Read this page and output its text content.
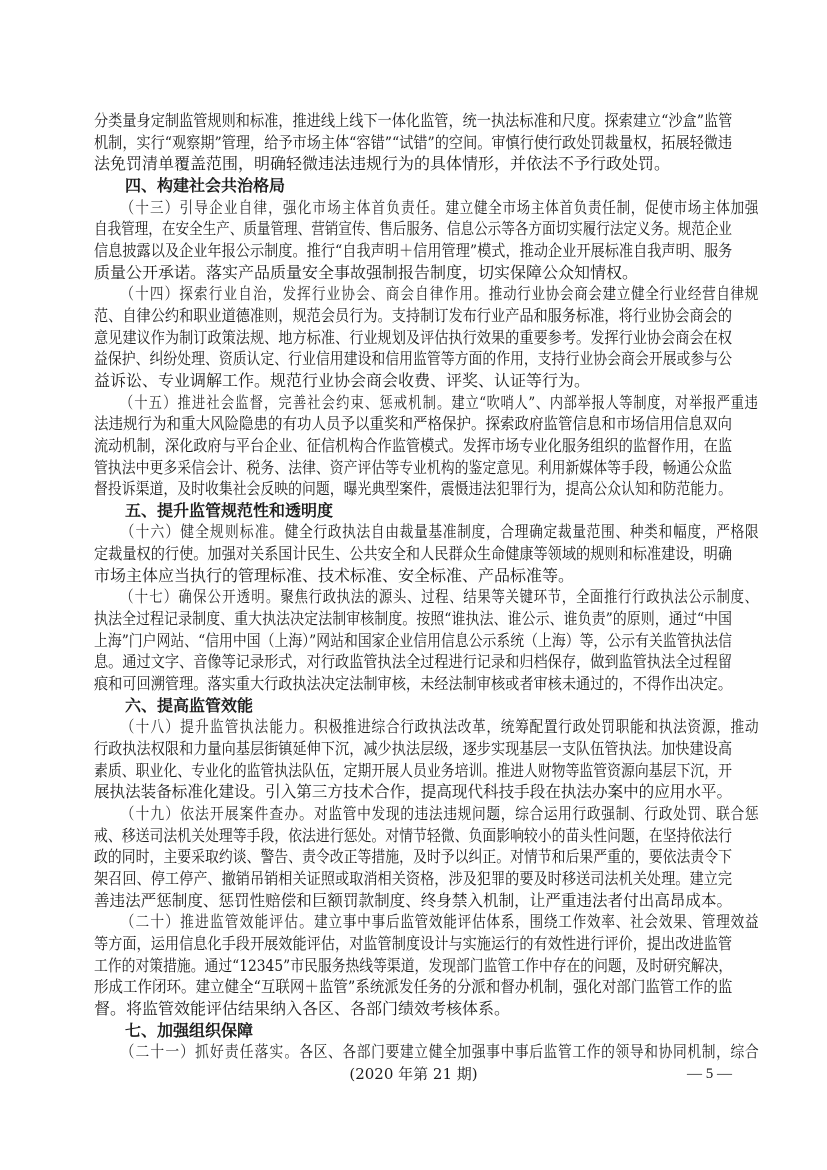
分类量身定制监管规则和标准，推进线上线下一体化监管，统一执法标准和尺度。探索建立“沙盒”监管
机制，实行“观察期”管理，给予市场主体“容错”“试错”的空间。审慎行使行政处罚裁量权，拓展轻微违
法免罚清单覆盖范围，明确轻微违法违规行为的具体情形，并依法不予行政处罚。
四、构建社会共治格局
（十三）引导企业自律，强化市场主体首负责任。建立健全市场主体首负责任制，促使市场主体加强
自我管理，在安全生产、质量管理、营销宣传、售后服务、信息公示等各方面切实履行法定义务。规范企业
信息披露以及企业年报公示制度。推行“自我声明＋信用管理”模式，推动企业开展标准自我声明、服务
质量公开承诺。落实产品质量安全事故强制报告制度，切实保障公众知情权。
（十四）探索行业自治，发挥行业协会、商会自律作用。推动行业协会商会建立健全行业经营自律规
范、自律公约和职业道德准则，规范会员行为。支持制订发布行业产品和服务标准，将行业协会商会的
意见建议作为制订政策法规、地方标准、行业规划及评估执行效果的重要参考。发挥行业协会商会在权
益保护、纠纷处理、资质认定、行业信用建设和信用监管等方面的作用，支持行业协会商会开展或参与公
益诉讼、专业调解工作。规范行业协会商会收费、评奖、认证等行为。
（十五）推进社会监督，完善社会约束、惩戒机制。建立“吹哨人”、内部举报人等制度，对举报严重违
法违规行为和重大风险隐患的有功人员予以重奖和严格保护。探索政府监管信息和市场信用信息双向
流动机制，深化政府与平台企业、征信机构合作监管模式。发挥市场专业化服务组织的监督作用，在监
管执法中更多采信会计、税务、法律、资产评估等专业机构的鉴定意见。利用新媒体等手段，畅通公众监
督投诉渠道，及时收集社会反映的问题，曝光典型案件，震慑违法犯罪行为，提高公众认知和防范能力。
五、提升监管规范性和透明度
（十六）健全规则标准。健全行政执法自由裁量基准制度，合理确定裁量范围、种类和幅度，严格限
定裁量权的行使。加强对关系国计民生、公共安全和人民群众生命健康等领域的规则和标准建设，明确
市场主体应当执行的管理标准、技术标准、安全标准、产品标准等。
（十七）确保公开透明。聚焦行政执法的源头、过程、结果等关键环节，全面推行行政执法公示制度、
执法全过程记录制度、重大执法决定法制审核制度。按照“谁执法、谁公示、谁负责”的原则，通过“中国
上海”门户网站、“信用中国（上海）”网站和国家企业信用信息公示系统（上海）等，公示有关监管执法信
息。通过文字、音像等记录形式，对行政监管执法全过程进行记录和归档保存，做到监管执法全过程留
痕和可回溯管理。落实重大行政执法决定法制审核，未经法制审核或者审核未通过的，不得作出决定。
六、提高监管效能
（十八）提升监管执法能力。积极推进综合行政执法改革，统筹配置行政处罚职能和执法资源，推动
行政执法权限和力量向基层街镇延伸下沉，减少执法层级，逐步实现基层一支队伍管执法。加快建设高
素质、职业化、专业化的监管执法队伍，定期开展人员业务培训。推进人财物等监管资源向基层下沉，开
展执法装备标准化建设。引入第三方技术合作，提高现代科技手段在执法办案中的应用水平。
（十九）依法开展案件查办。对监管中发现的违法违规问题，综合运用行政强制、行政处罚、联合惩
戒、移送司法机关处理等手段，依法进行惩处。对情节轻微、负面影响较小的苗头性问题，在坚持依法行
政的同时，主要采取约谈、警告、责令改正等措施，及时予以纠正。对情节和后果严重的，要依法责令下
架召回、停工停产、撤销吊销相关证照或取消相关资格，涉及犯罪的要及时移送司法机关处理。建立完
善违法严惩制度、惩罚性赔偿和巨额罚款制度、终身禁入机制，让严重违法者付出高昂成本。
（二十）推进监管效能评估。建立事中事后监管效能评估体系，围绕工作效率、社会效果、管理效益
等方面，运用信息化手段开展效能评估，对监管制度设计与实施运行的有效性进行评价，提出改进监管
工作的对策措施。通过“12345”市民服务热线等渠道，发现部门监管工作中存在的问题，及时研究解决，
形成工作闭环。建立健全“互联网＋监管”系统派发任务的分派和督办机制，强化对部门监管工作的监
督。将监管效能评估结果纳入各区、各部门绩效考核体系。
七、加强组织保障
（二十一）抓好责任落实。各区、各部门要建立健全加强事中事后监管工作的领导和协同机制，综合
(2020 年第 21 期)	— 5 —
